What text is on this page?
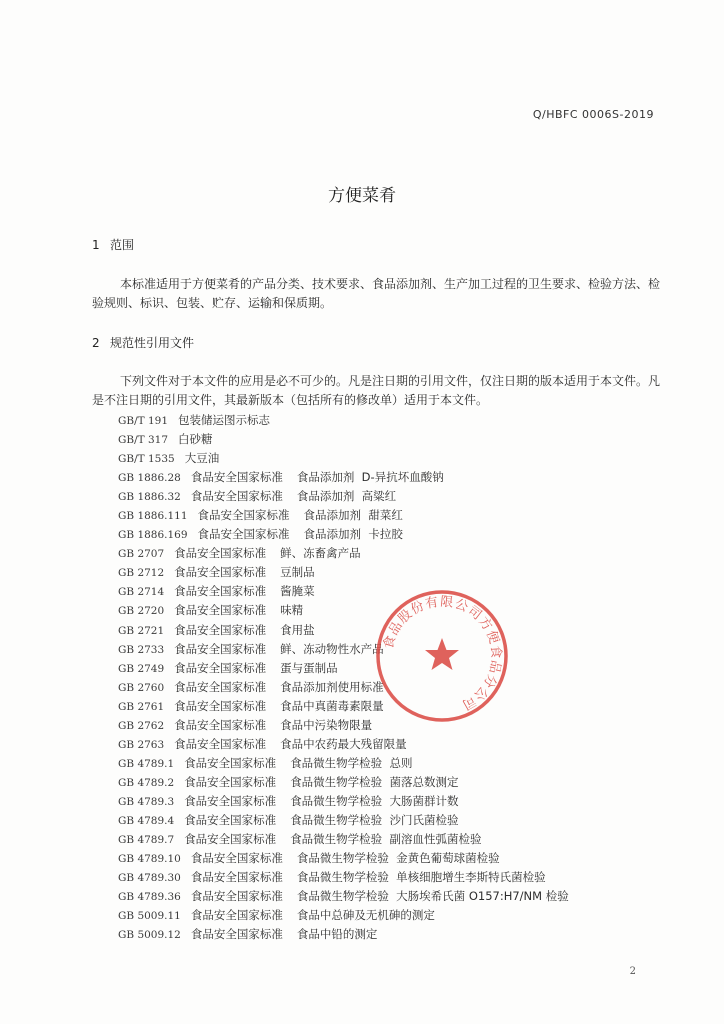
Q/HBFC 0006S-2019
方便菜肴
1 范围
本标准适用于方便菜肴的产品分类、技术要求、食品添加剂、生产加工过程的卫生要求、检验方法、检验规则、标识、包装、贮存、运输和保质期。
2 规范性引用文件
下列文件对于本文件的应用是必不可少的。凡是注日期的引用文件，仅注日期的版本适用于本文件。凡是不注日期的引用文件，其最新版本（包括所有的修改单）适用于本文件。
GB/T 191 包装储运图示标志
GB/T 317 白砂糖
GB/T 1535 大豆油
GB 1886.28 食品安全国家标准 食品添加剂  D-异抗坏血酸钠
GB 1886.32 食品安全国家标准 食品添加剂  高粱红
GB 1886.111 食品安全国家标准 食品添加剂  甜菜红
GB 1886.169 食品安全国家标准 食品添加剂  卡拉胶
GB 2707 食品安全国家标准 鲜、冻畜禽产品
GB 2712 食品安全国家标准 豆制品
GB 2714 食品安全国家标准 酱腌菜
GB 2720 食品安全国家标准 味精
GB 2721 食品安全国家标准 食用盐
GB 2733 食品安全国家标准 鲜、冻动物性水产品
GB 2749 食品安全国家标准 蛋与蛋制品
GB 2760 食品安全国家标准 食品添加剂使用标准
GB 2761 食品安全国家标准 食品中真菌毒素限量
GB 2762 食品安全国家标准 食品中污染物限量
GB 2763 食品安全国家标准 食品中农药最大残留限量
GB 4789.1 食品安全国家标准 食品微生物学检验  总则
GB 4789.2 食品安全国家标准 食品微生物学检验  菌落总数测定
GB 4789.3 食品安全国家标准 食品微生物学检验  大肠菌群计数
GB 4789.4 食品安全国家标准 食品微生物学检验  沙门氏菌检验
GB 4789.7 食品安全国家标准 食品微生物学检验  副溶血性弧菌检验
GB 4789.10 食品安全国家标准 食品微生物学检验  金黄色葡萄球菌检验
GB 4789.30 食品安全国家标准 食品微生物学检验  单核细胞增生李斯特氏菌检验
GB 4789.36 食品安全国家标准 食品微生物学检验  大肠埃希氏菌 O157:H7/NM 检验
GB 5009.11 食品安全国家标准 食品中总砷及无机砷的测定
GB 5009.12 食品安全国家标准 食品中铅的测定
食品股份有限公司方便食品分公司
2
